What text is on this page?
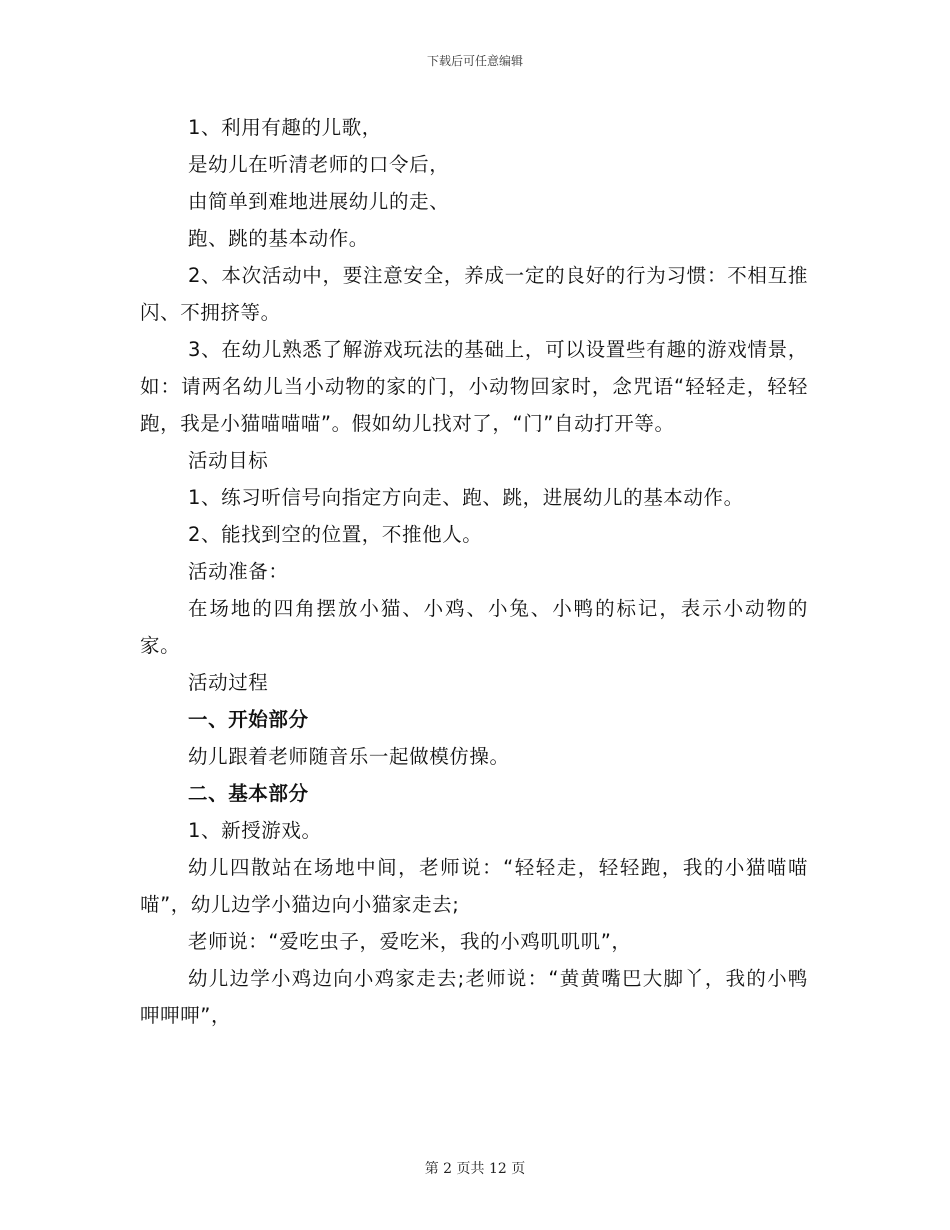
下载后可任意编辑

1、利用有趣的儿歌，

是幼儿在听清老师的口令后，

由简单到难地进展幼儿的走、

跑、跳的基本动作。

2、本次活动中，要注意安全，养成一定的良好的行为习惯：不相互推闪、不拥挤等。

3、在幼儿熟悉了解游戏玩法的基础上，可以设置些有趣的游戏情景，如：请两名幼儿当小动物的家的门，小动物回家时，念咒语“轻轻走，轻轻跑，我是小猫喵喵喵”。假如幼儿找对了，“门”自动打开等。

活动目标

1、练习听信号向指定方向走、跑、跳，进展幼儿的基本动作。

2、能找到空的位置，不推他人。

活动准备：

在场地的四角摆放小猫、小鸡、小兔、小鸭的标记，表示小动物的家。

活动过程

一、开始部分

幼儿跟着老师随音乐一起做模仿操。

二、基本部分

1、新授游戏。

幼儿四散站在场地中间，老师说：“轻轻走，轻轻跑，我的小猫喵喵喵”，幼儿边学小猫边向小猫家走去;

老师说：“爱吃虫子，爱吃米，我的小鸡叽叽叽”，

幼儿边学小鸡边向小鸡家走去;老师说：“黄黄嘴巴大脚丫，我的小鸭呷呷呷”，

第 2 页共 12 页
